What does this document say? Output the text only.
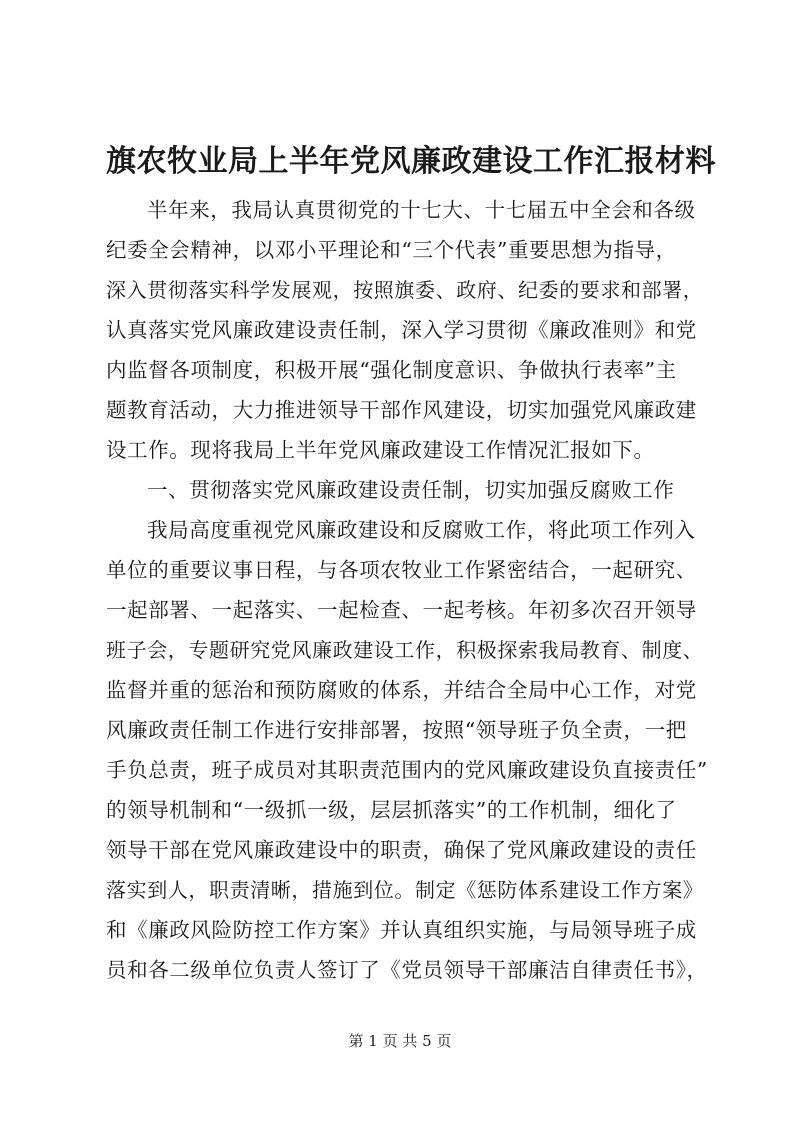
旗农牧业局上半年党风廉政建设工作汇报材料
半年来，我局认真贯彻党的十七大、十七届五中全会和各级
纪委全会精神，以邓小平理论和“三个代表”重要思想为指导，
深入贯彻落实科学发展观，按照旗委、政府、纪委的要求和部署，
认真落实党风廉政建设责任制，深入学习贯彻《廉政准则》和党
内监督各项制度，积极开展“强化制度意识、争做执行表率”主
题教育活动，大力推进领导干部作风建设，切实加强党风廉政建
设工作。现将我局上半年党风廉政建设工作情况汇报如下。
一、贯彻落实党风廉政建设责任制，切实加强反腐败工作
我局高度重视党风廉政建设和反腐败工作，将此项工作列入
单位的重要议事日程，与各项农牧业工作紧密结合，一起研究、
一起部署、一起落实、一起检查、一起考核。年初多次召开领导
班子会，专题研究党风廉政建设工作，积极探索我局教育、制度、
监督并重的惩治和预防腐败的体系，并结合全局中心工作，对党
风廉政责任制工作进行安排部署，按照“领导班子负全责，一把
手负总责，班子成员对其职责范围内的党风廉政建设负直接责任”
的领导机制和“一级抓一级，层层抓落实”的工作机制，细化了
领导干部在党风廉政建设中的职责，确保了党风廉政建设的责任
落实到人，职责清晰，措施到位。制定《惩防体系建设工作方案》
和《廉政风险防控工作方案》并认真组织实施，与局领导班子成
员和各二级单位负责人签订了《党员领导干部廉洁自律责任书》，
第 1 页 共 5 页
